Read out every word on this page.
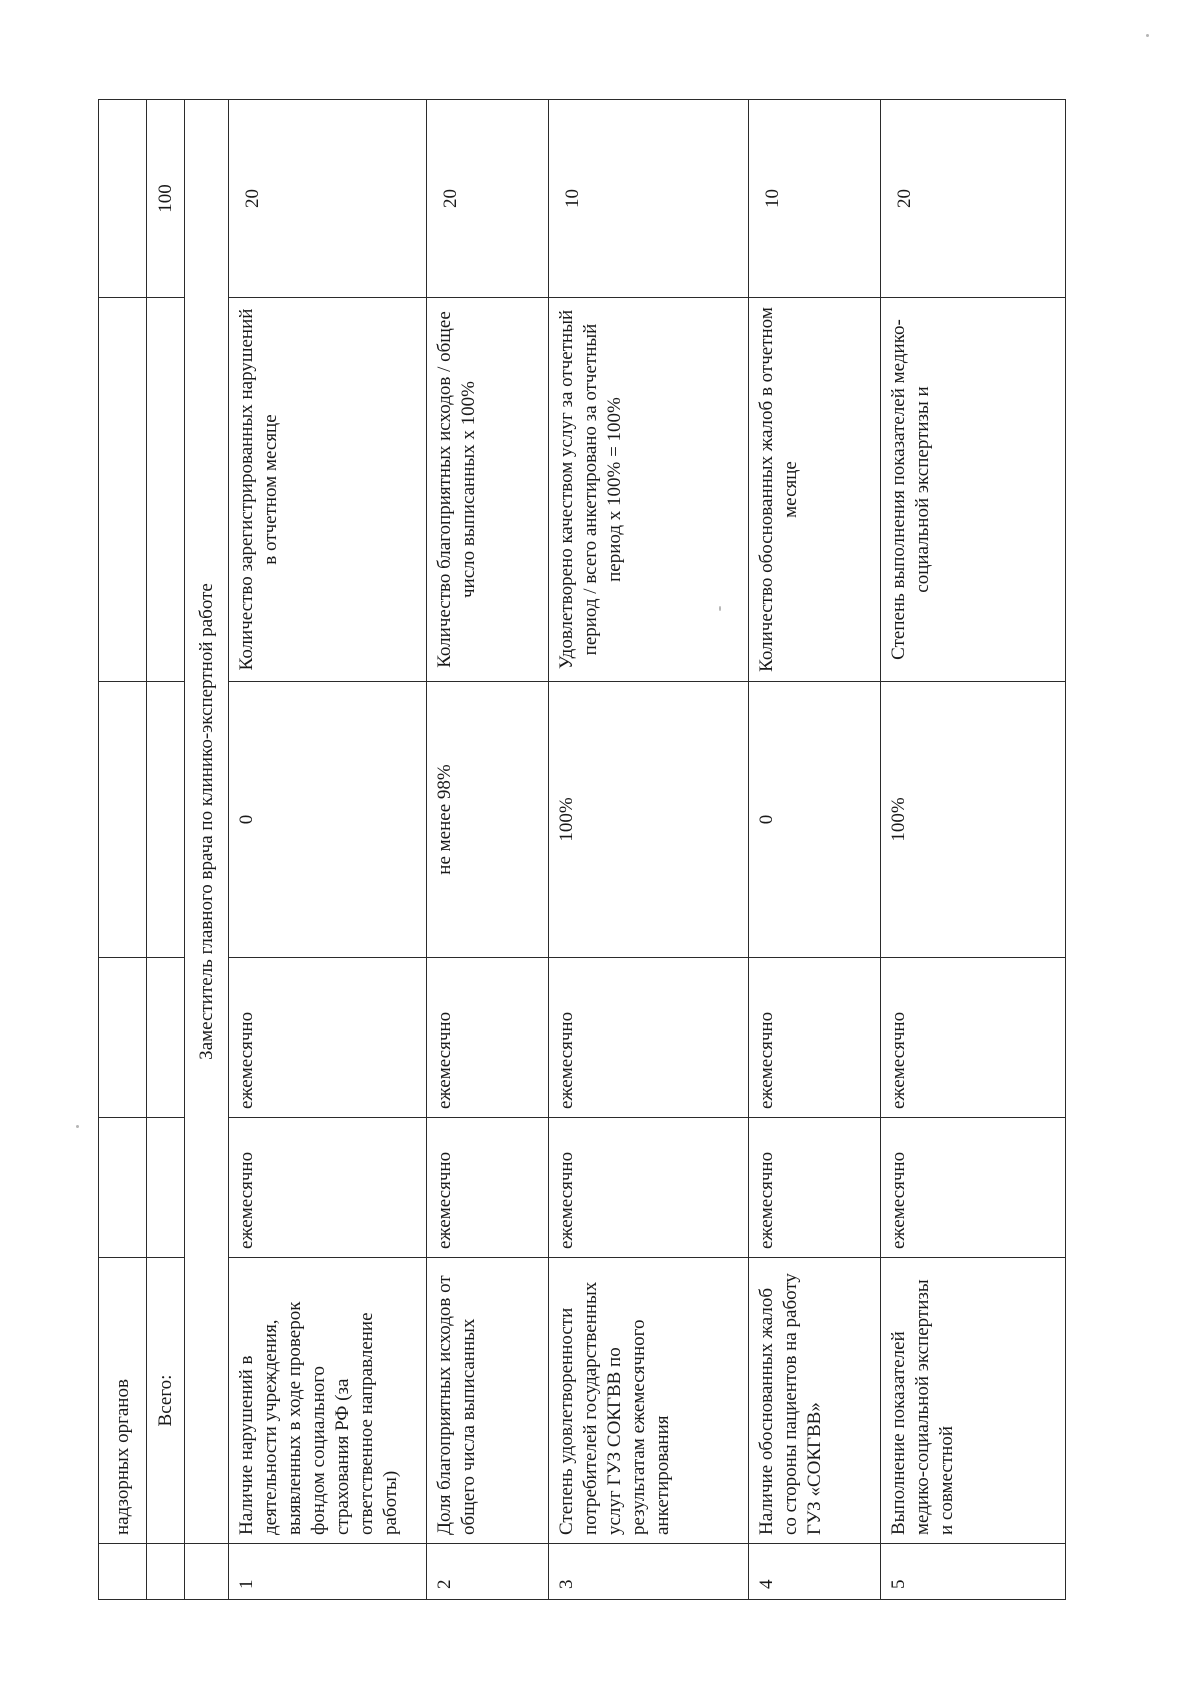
	надзорных органов					
	Всего:					100
	Заместитель главного врача по клинико-экспертной работе					
1	Наличие нарушений в деятельности учреждения, выявленных в ходе проверок фондом социального страхования РФ (за ответственное направление работы)	ежемесячно	ежемесячно	0	Количество зарегистрированных нарушений в отчетном месяце	20
2	Доля благоприятных исходов от общего числа выписанных	ежемесячно	ежемесячно	не менее 98%	Количество благоприятных исходов / общее число выписанных х 100%	20
3	Степень удовлетворенности потребителей государственных услуг ГУЗ СОКГВВ по результатам ежемесячного анкетирования	ежемесячно	ежемесячно	100%	Удовлетворено качеством услуг за отчетный период / всего анкетировано за отчетный период х 100% = 100%	10
4	Наличие обоснованных жалоб со стороны пациентов на работу ГУЗ «СОКГВВ»	ежемесячно	ежемесячно	0	Количество обоснованных жалоб в отчетном месяце	10
5	Выполнение показателей медико-социальной экспертизы и совместной	ежемесячно	ежемесячно	100%	Степень выполнения показателей медико-социальной экспертизы и	20
